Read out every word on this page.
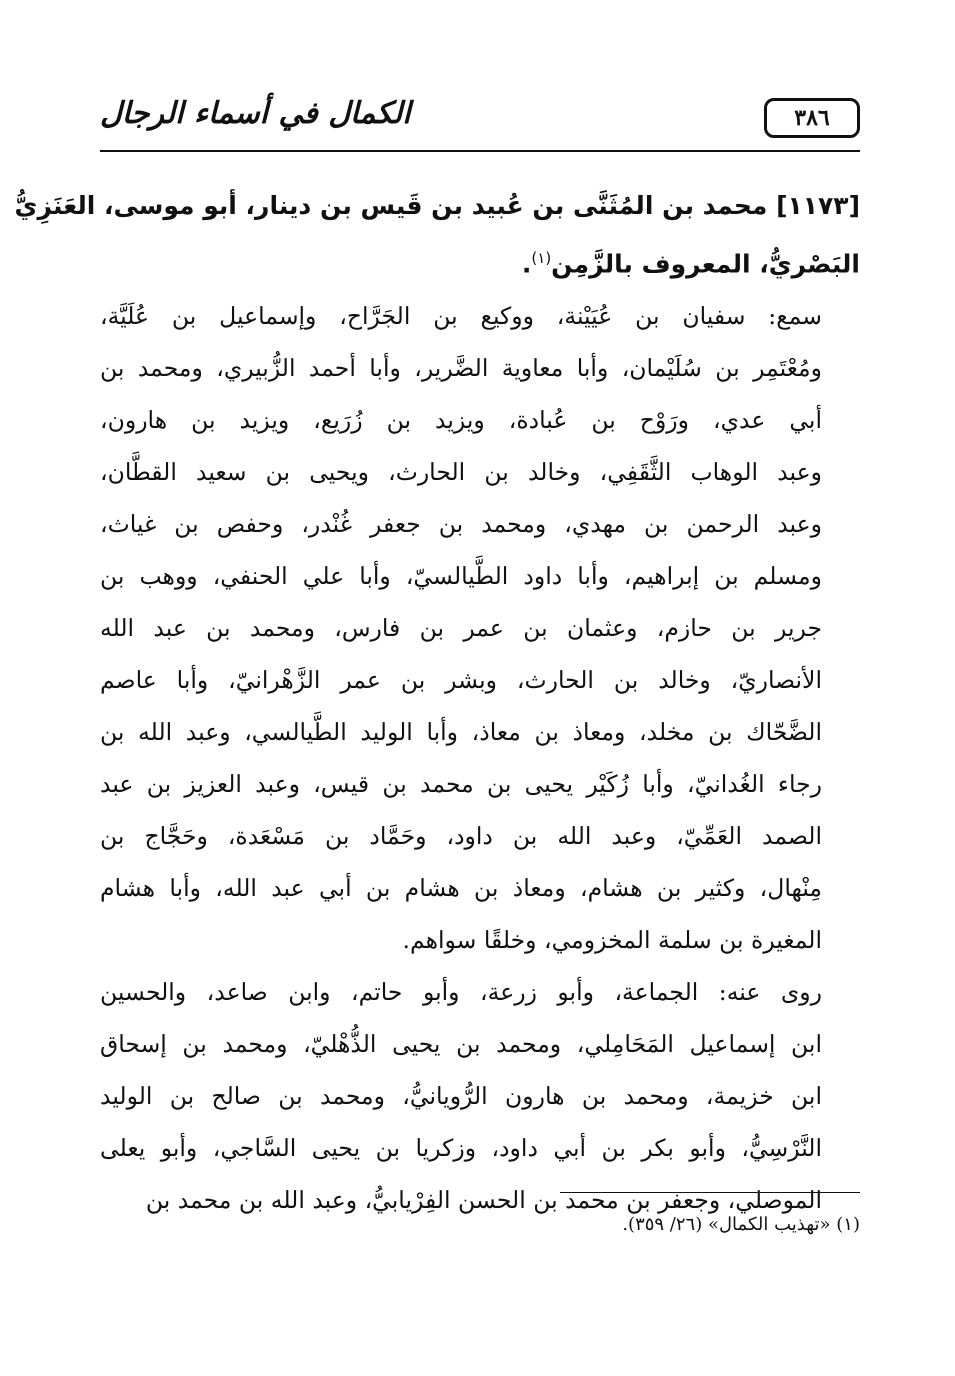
الكمال في أسماء الرجال	٣٨٦
[١١٧٣] محمد بن المُثَنَّى بن عُبيد بن قَيس بن دينار، أبو موسى، العَنَزِيُّ
البَصْريُّ، المعروف بالزَّمِن$^{(١)}$.

سمع: سفيان بن عُيَيْنة، ووكيع بن الجَرَّاح، وإسماعيل بن عُلَيَّة،
ومُعْتَمِر بن سُلَيْمان، وأبا معاوية الضَّرير، وأبا أحمد الزُّبيري، ومحمد بن
أبي عدي، ورَوْح بن عُبادة، ويزيد بن زُرَيع، ويزيد بن هارون،
وعبد الوهاب الثَّقَفِي، وخالد بن الحارث، ويحيى بن سعيد القطَّان،
وعبد الرحمن بن مهدي، ومحمد بن جعفر غُنْدر، وحفص بن غياث،
ومسلم بن إبراهيم، وأبا داود الطَّيالسيّ، وأبا علي الحنفي، ووهب بن
جرير بن حازم، وعثمان بن عمر بن فارس، ومحمد بن عبد الله
الأنصاريّ، وخالد بن الحارث، وبشر بن عمر الزَّهْرانيّ، وأبا عاصم
الضَّحّاك بن مخلد، ومعاذ بن معاذ، وأبا الوليد الطَّيالسي، وعبد الله بن
رجاء الغُدانيّ، وأبا زُكَيْر يحيى بن محمد بن قيس، وعبد العزيز بن عبد
الصمد العَمِّيّ، وعبد الله بن داود، وحَمَّاد بن مَسْعَدة، وحَجَّاج بن
مِنْهال، وكثير بن هشام، ومعاذ بن هشام بن أبي عبد الله، وأبا هشام
المغيرة بن سلمة المخزومي، وخلقًا سواهم.

روى عنه: الجماعة، وأبو زرعة، وأبو حاتم، وابن صاعد، والحسين
ابن إسماعيل المَحَامِلي، ومحمد بن يحيى الذُّهْليّ، ومحمد بن إسحاق
ابن خزيمة، ومحمد بن هارون الرُّويانيُّ، ومحمد بن صالح بن الوليد
النَّرْسِيُّ، وأبو بكر بن أبي داود، وزكريا بن يحيى السَّاجي، وأبو يعلى
الموصلي، وجعفر بن محمد بن الحسن الفِرْيابيُّ، وعبد الله بن محمد بن

(١) «تهذيب الكمال» (٢٦/ ٣٥٩).
